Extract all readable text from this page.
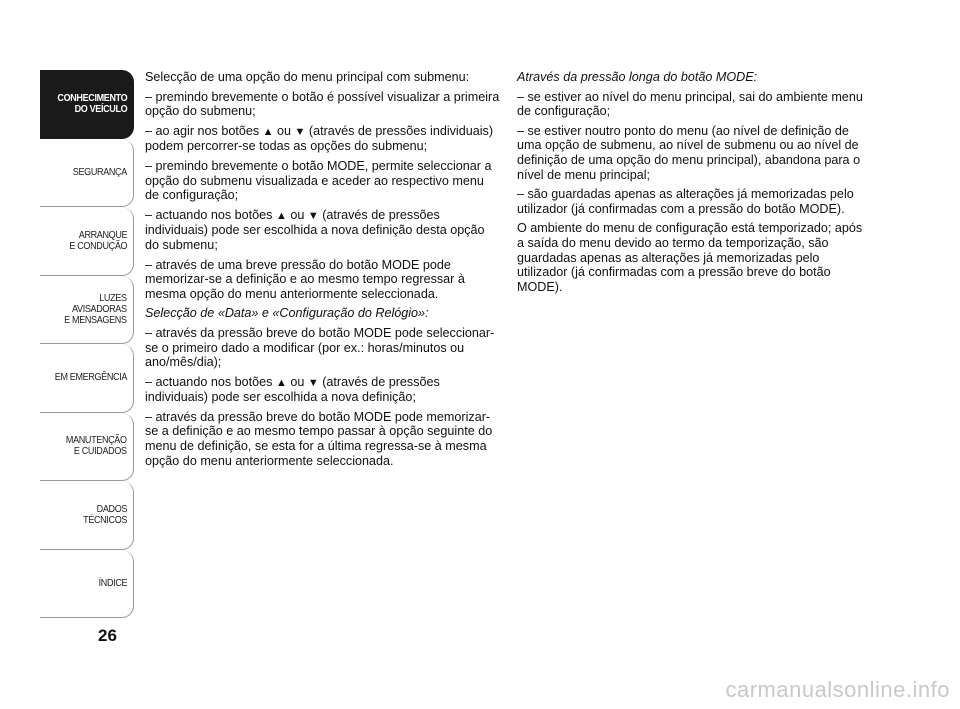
CONHECIMENTO
DO VEÍCULO
SEGURANÇA
ARRANQUE
E CONDUÇÃO
LUZES
AVISADORAS
E MENSAGENS
EM EMERGÊNCIA
MANUTENÇÃO
E CUIDADOS
DADOS
TÉCNICOS
ÍNDICE
26

Selecção de uma opção do menu principal com submenu:

– premindo brevemente o botão é possível visualizar a primeira opção do submenu;

– ao agir nos botões ▲ ou ▼ (através de pressões individuais) podem percorrer-se todas as opções do submenu;

– premindo brevemente o botão MODE, permite seleccionar a opção do submenu visualizada e aceder ao respectivo menu de configuração;

– actuando nos botões ▲ ou ▼ (através de pressões individuais) pode ser escolhida a nova definição desta opção do submenu;

– através de uma breve pressão do botão MODE pode memorizar-se a definição e ao mesmo tempo regressar à mesma opção do menu anteriormente seleccionada.

Selecção de «Data» e «Configuração do Relógio»:

– através da pressão breve do botão MODE pode seleccionar-se o primeiro dado a modificar (por ex.: horas/minutos ou ano/mês/dia);

– actuando nos botões ▲ ou ▼ (através de pressões individuais) pode ser escolhida a nova definição;

– através da pressão breve do botão MODE pode memorizar-se a definição e ao mesmo tempo passar à opção seguinte do menu de definição, se esta for a última regressa-se à mesma opção do menu anteriormente seleccionada.

Através da pressão longa do botão MODE:

– se estiver ao nível do menu principal, sai do ambiente menu de configuração;

– se estiver noutro ponto do menu (ao nível de definição de uma opção de submenu, ao nível de submenu ou ao nível de definição de uma opção do menu principal), abandona para o nível de menu principal;

– são guardadas apenas as alterações já memorizadas pelo utilizador (já confirmadas com a pressão do botão MODE).

O ambiente do menu de configuração está temporizado; após a saída do menu devido ao termo da temporização, são guardadas apenas as alterações já memorizadas pelo utilizador (já confirmadas com a pressão breve do botão MODE).

carmanualsonline.info
